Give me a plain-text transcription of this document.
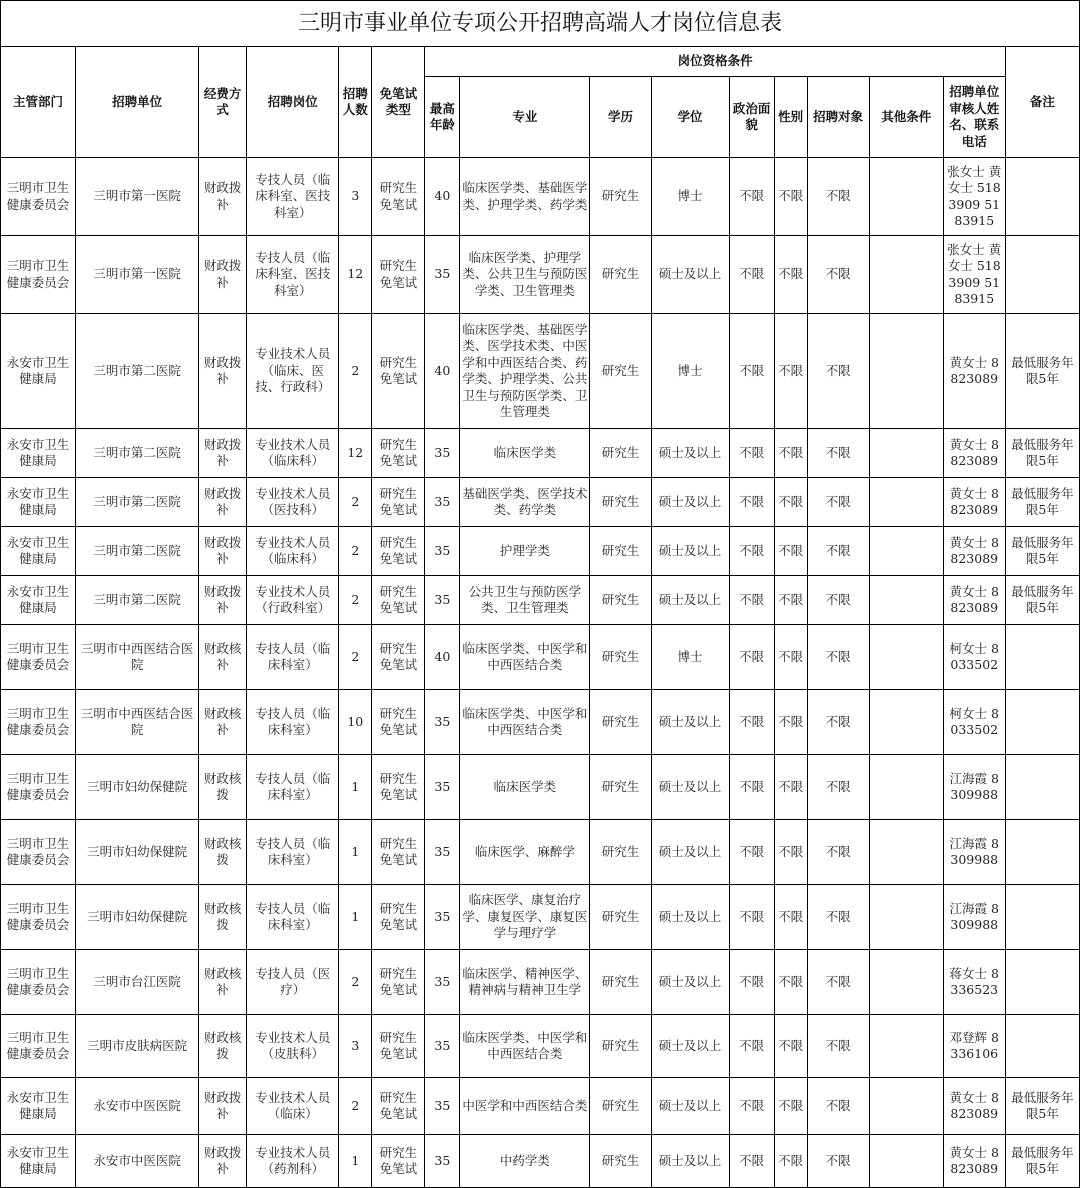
三明市事业单位专项公开招聘高端人才岗位信息表
主管部门	招聘单位	经费方式	招聘岗位	招聘人数	免笔试类型	岗位资格条件									备注
						最高年龄	专业	学历	学位	政治面貌	性别	招聘对象	其他条件	招聘单位审核人姓名、联系电话	
三明市卫生健康委员会	三明市第一医院	财政拨补	专技人员（临床科室、医技科室）	3	研究生免笔试	40	临床医学类、基础医学类、护理学类、药学类	研究生	博士	不限	不限	不限		张女士 黄女士 5183909 5183915	
三明市卫生健康委员会	三明市第一医院	财政拨补	专技人员（临床科室、医技科室）	12	研究生免笔试	35	临床医学类、护理学类、公共卫生与预防医学类、卫生管理类	研究生	硕士及以上	不限	不限	不限		张女士 黄女士 5183909 5183915	
永安市卫生健康局	三明市第二医院	财政拨补	专业技术人员（临床、医技、行政科）	2	研究生免笔试	40	临床医学类、基础医学类、医学技术类、中医学和中西医结合类、药学类、护理学类、公共卫生与预防医学类、卫生管理类	研究生	博士	不限	不限	不限		黄女士 8823089	最低服务年限5年
永安市卫生健康局	三明市第二医院	财政拨补	专业技术人员（临床科）	12	研究生免笔试	35	临床医学类	研究生	硕士及以上	不限	不限	不限		黄女士 8823089	最低服务年限5年
永安市卫生健康局	三明市第二医院	财政拨补	专业技术人员（医技科）	2	研究生免笔试	35	基础医学类、医学技术类、药学类	研究生	硕士及以上	不限	不限	不限		黄女士 8823089	最低服务年限5年
永安市卫生健康局	三明市第二医院	财政拨补	专业技术人员（临床科）	2	研究生免笔试	35	护理学类	研究生	硕士及以上	不限	不限	不限		黄女士 8823089	最低服务年限5年
永安市卫生健康局	三明市第二医院	财政拨补	专业技术人员（行政科室）	2	研究生免笔试	35	公共卫生与预防医学类、卫生管理类	研究生	硕士及以上	不限	不限	不限		黄女士 8823089	最低服务年限5年
三明市卫生健康委员会	三明市中西医结合医院	财政核补	专技人员（临床科室）	2	研究生免笔试	40	临床医学类、中医学和中西医结合类	研究生	博士	不限	不限	不限		柯女士 8033502	
三明市卫生健康委员会	三明市中西医结合医院	财政核补	专技人员（临床科室）	10	研究生免笔试	35	临床医学类、中医学和中西医结合类	研究生	硕士及以上	不限	不限	不限		柯女士 8033502	
三明市卫生健康委员会	三明市妇幼保健院	财政核拨	专技人员（临床科室）	1	研究生免笔试	35	临床医学类	研究生	硕士及以上	不限	不限	不限		江海霞 8309988	
三明市卫生健康委员会	三明市妇幼保健院	财政核拨	专技人员（临床科室）	1	研究生免笔试	35	临床医学、麻醉学	研究生	硕士及以上	不限	不限	不限		江海霞 8309988	
三明市卫生健康委员会	三明市妇幼保健院	财政核拨	专技人员（临床科室）	1	研究生免笔试	35	临床医学、康复治疗学、康复医学、康复医学与理疗学	研究生	硕士及以上	不限	不限	不限		江海霞 8309988	
三明市卫生健康委员会	三明市台江医院	财政核补	专技人员（医疗）	2	研究生免笔试	35	临床医学、精神医学、精神病与精神卫生学	研究生	硕士及以上	不限	不限	不限		蒋女士 8336523	
三明市卫生健康委员会	三明市皮肤病医院	财政核拨	专业技术人员（皮肤科）	3	研究生免笔试	35	临床医学类、中医学和中西医结合类	研究生	硕士及以上	不限	不限	不限		邓登辉 8336106	
永安市卫生健康局	永安市中医医院	财政拨补	专业技术人员（临床）	2	研究生免笔试	35	中医学和中西医结合类	研究生	硕士及以上	不限	不限	不限		黄女士 8823089	最低服务年限5年
永安市卫生健康局	永安市中医医院	财政拨补	专业技术人员（药剂科）	1	研究生免笔试	35	中药学类	研究生	硕士及以上	不限	不限	不限		黄女士 8823089	最低服务年限5年
